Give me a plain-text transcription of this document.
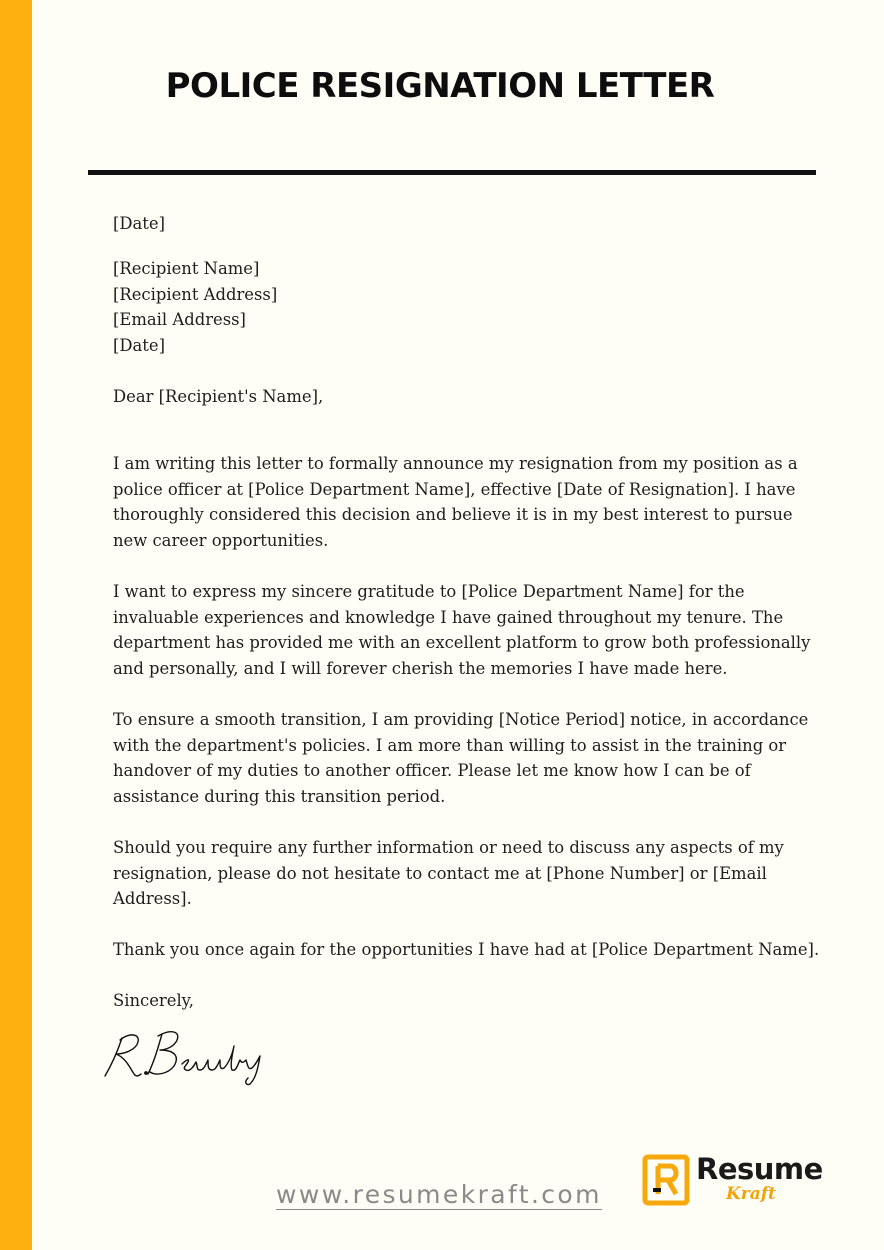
POLICE RESIGNATION LETTER

[Date]

[Recipient Name]

[Recipient Address]

[Email Address]

[Date]

Dear [Recipient's Name],

I am writing this letter to formally announce my resignation from my position as a

police officer at [Police Department Name], effective [Date of Resignation]. I have

thoroughly considered this decision and believe it is in my best interest to pursue

new career opportunities.

I want to express my sincere gratitude to [Police Department Name] for the

invaluable experiences and knowledge I have gained throughout my tenure. The

department has provided me with an excellent platform to grow both professionally

and personally, and I will forever cherish the memories I have made here.

To ensure a smooth transition, I am providing [Notice Period] notice, in accordance

with the department's policies. I am more than willing to assist in the training or

handover of my duties to another officer. Please let me know how I can be of

assistance during this transition period.

Should you require any further information or need to discuss any aspects of my

resignation, please do not hesitate to contact me at [Phone Number] or [Email

Address].

Thank you once again for the opportunities I have had at [Police Department Name].

Sincerely,

www.resumekraft.com

Resume
Kraft
